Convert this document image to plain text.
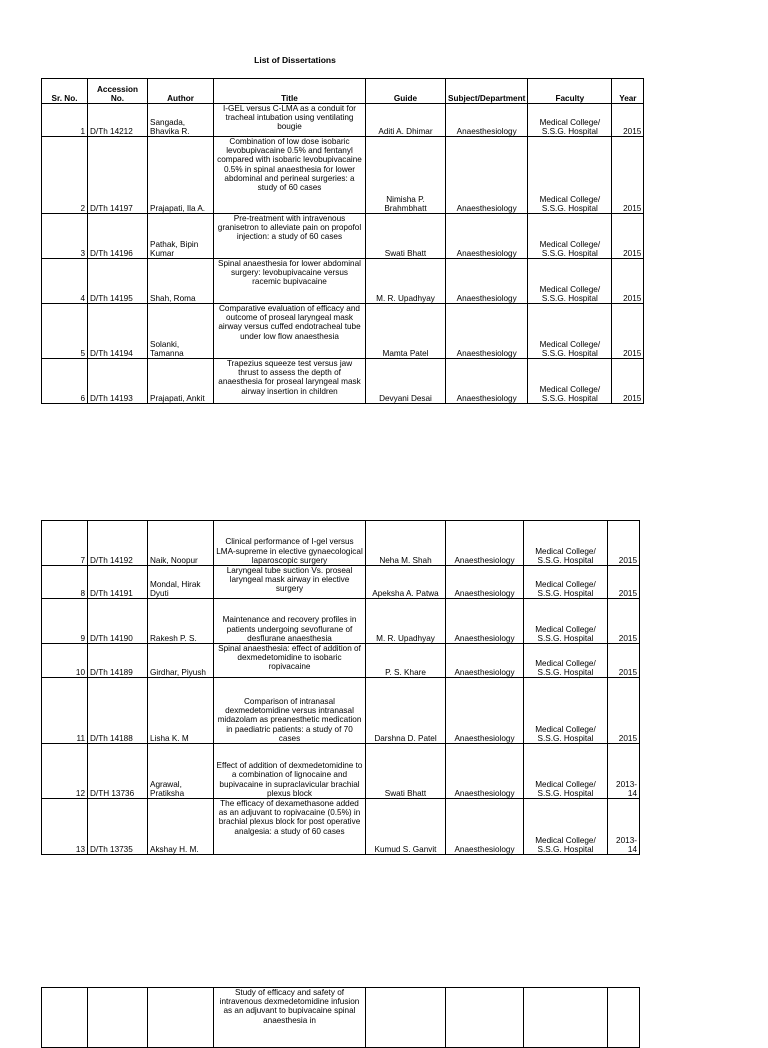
List of Dissertations
Sr. No.	Accession No.	Author	Title	Guide	Subject/Department	Faculty	Year
1	D/Th 14212	Sangada, Bhavika R.	I-GEL versus C-LMA as a conduit for tracheal intubation using ventilating bougie	Aditi A. Dhimar	Anaesthesiology	Medical College/ S.S.G. Hospital	2015
2	D/Th 14197	Prajapati, Ila A.	Combination of low dose isobaric levobupivacaine 0.5% and fentanyl compared with isobaric levobupivacaine 0.5% in spinal anaesthesia for lower abdominal and perineal surgeries: a study of 60 cases	Nimisha P. Brahmbhatt	Anaesthesiology	Medical College/ S.S.G. Hospital	2015
3	D/Th 14196	Pathak, Bipin Kumar	Pre-treatment with intravenous granisetron to alleviate pain on propofol injection: a study of 60 cases	Swati Bhatt	Anaesthesiology	Medical College/ S.S.G. Hospital	2015
4	D/Th 14195	Shah, Roma	Spinal anaesthesia for lower abdominal surgery: levobupivacaine versus racemic bupivacaine	M. R. Upadhyay	Anaesthesiology	Medical College/ S.S.G. Hospital	2015
5	D/Th 14194	Solanki, Tamanna	Comparative evaluation of efficacy and outcome of proseal laryngeal mask airway versus cuffed endotracheal tube under low flow anaesthesia	Mamta Patel	Anaesthesiology	Medical College/ S.S.G. Hospital	2015
6	D/Th 14193	Prajapati, Ankit	Trapezius squeeze test versus jaw thrust to assess the depth of anaesthesia for proseal laryngeal mask airway insertion in children	Devyani Desai	Anaesthesiology	Medical College/ S.S.G. Hospital	2015
7	D/Th 14192	Naik, Noopur	Clinical performance of I-gel versus LMA-supreme in elective gynaecological laparoscopic surgery	Neha M. Shah	Anaesthesiology	Medical College/ S.S.G. Hospital	2015
8	D/Th 14191	Mondal, Hirak Dyuti	Laryngeal tube suction Vs. proseal laryngeal mask airway in elective surgery	Apeksha A. Patwa	Anaesthesiology	Medical College/ S.S.G. Hospital	2015
9	D/Th 14190	Rakesh P. S.	Maintenance and recovery profiles in patients undergoing sevoflurane of desflurane anaesthesia	M. R. Upadhyay	Anaesthesiology	Medical College/ S.S.G. Hospital	2015
10	D/Th 14189	Girdhar, Piyush	Spinal anaesthesia: effect of addition of dexmedetomidine to isobaric ropivacaine	P. S. Khare	Anaesthesiology	Medical College/ S.S.G. Hospital	2015
11	D/Th 14188	Lisha K. M	Comparison of intranasal dexmedetomidine versus intranasal midazolam as preanesthetic medication in paediatric patients: a study of 70 cases	Darshna D. Patel	Anaesthesiology	Medical College/ S.S.G. Hospital	2015
12	D/TH 13736	Agrawal, Pratiksha	Effect of addition of dexmedetomidine to a combination of lignocaine and bupivacaine in supraclavicular brachial plexus block	Swati Bhatt	Anaesthesiology	Medical College/ S.S.G. Hospital	2013-14
13	D/Th 13735	Akshay H. M.	The efficacy of dexamethasone added as an adjuvant to ropivacaine (0.5%) in brachial plexus block for post operative analgesia: a study of 60 cases	Kumud S. Ganvit	Anaesthesiology	Medical College/ S.S.G. Hospital	2013-14
			Study of efficacy and safety of intravenous dexmedetomidine infusion as an adjuvant to bupivacaine spinal anaesthesia in				
